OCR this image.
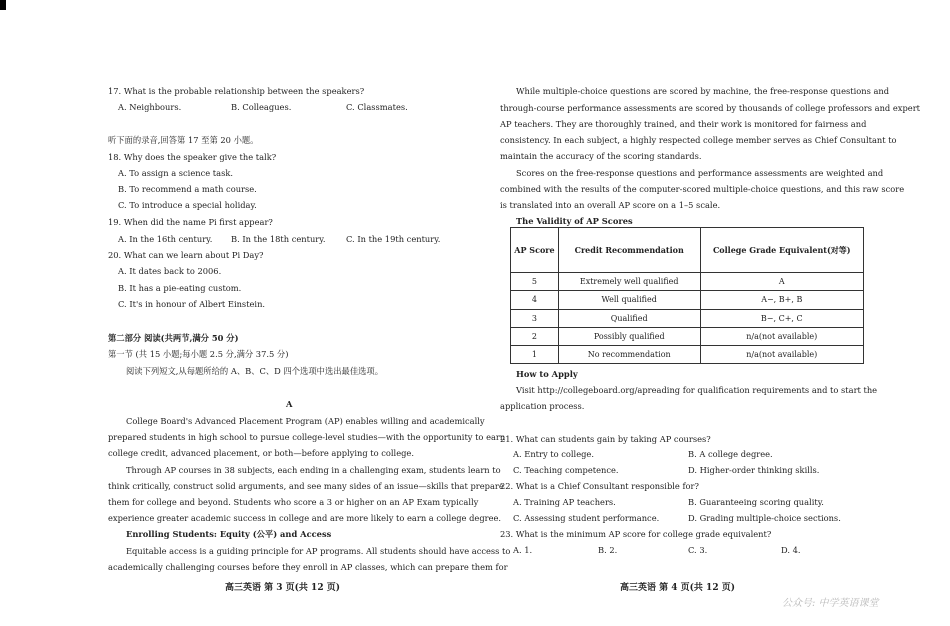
17. What is the probable relationship between the speakers?
A. Neighbours.	B. Colleagues.	C. Classmates.
听下面的录音,回答第 17 至第 20 小题。
18. Why does the speaker give the talk?
A. To assign a science task.
B. To recommend a math course.
C. To introduce a special holiday.
19. When did the name Pi first appear?
A. In the 16th century. B. In the 18th century. C. In the 19th century.
20. What can we learn about Pi Day?
A. It dates back to 2006.
B. It has a pie-eating custom.
C. It's in honour of Albert Einstein.
第二部分 阅读(共两节,满分 50 分)
第一节 (共 15 小题;每小题 2.5 分,满分 37.5 分)
阅读下列短文,从每题所给的 A、B、C、D 四个选项中选出最佳选项。
A
College Board's Advanced Placement Program (AP) enables willing and academically
prepared students in high school to pursue college-level studies—with the opportunity to earn
college credit, advanced placement, or both—before applying to college.
Through AP courses in 38 subjects, each ending in a challenging exam, students learn to
think critically, construct solid arguments, and see many sides of an issue—skills that prepare
them for college and beyond. Students who score a 3 or higher on an AP Exam typically
experience greater academic success in college and are more likely to earn a college degree.
Enrolling Students: Equity (公平) and Access
Equitable access is a guiding principle for AP programs. All students should have access to
academically challenging courses before they enroll in AP classes, which can prepare them for
高三英语 第 3 页(共 12 页)
While multiple-choice questions are scored by machine, the free-response questions and
through-course performance assessments are scored by thousands of college professors and expert
AP teachers. They are thoroughly trained, and their work is monitored for fairness and
consistency. In each subject, a highly respected college member serves as Chief Consultant to
maintain the accuracy of the scoring standards.
Scores on the free-response questions and performance assessments are weighted and
combined with the results of the computer-scored multiple-choice questions, and this raw score
is translated into an overall AP score on a 1–5 scale.
The Validity of AP Scores
AP Score	Credit Recommendation	College Grade Equivalent(对等)
5	Extremely well qualified	A
4	Well qualified	A−, B+, B
3	Qualified	B−, C+, C
2	Possibly qualified	n/a(not available)
1	No recommendation	n/a(not available)
How to Apply
Visit http://collegeboard.org/apreading for qualification requirements and to start the
application process.
21. What can students gain by taking AP courses?
A. Entry to college.	B. A college degree.
C. Teaching competence.	D. Higher-order thinking skills.
22. What is a Chief Consultant responsible for?
A. Training AP teachers.	B. Guaranteeing scoring quality.
C. Assessing student performance.	D. Grading multiple-choice sections.
23. What is the minimum AP score for college grade equivalent?
A. 1.	B. 2.	C. 3.	D. 4.
高三英语 第 4 页(共 12 页)
公众号: 中学英语课堂
